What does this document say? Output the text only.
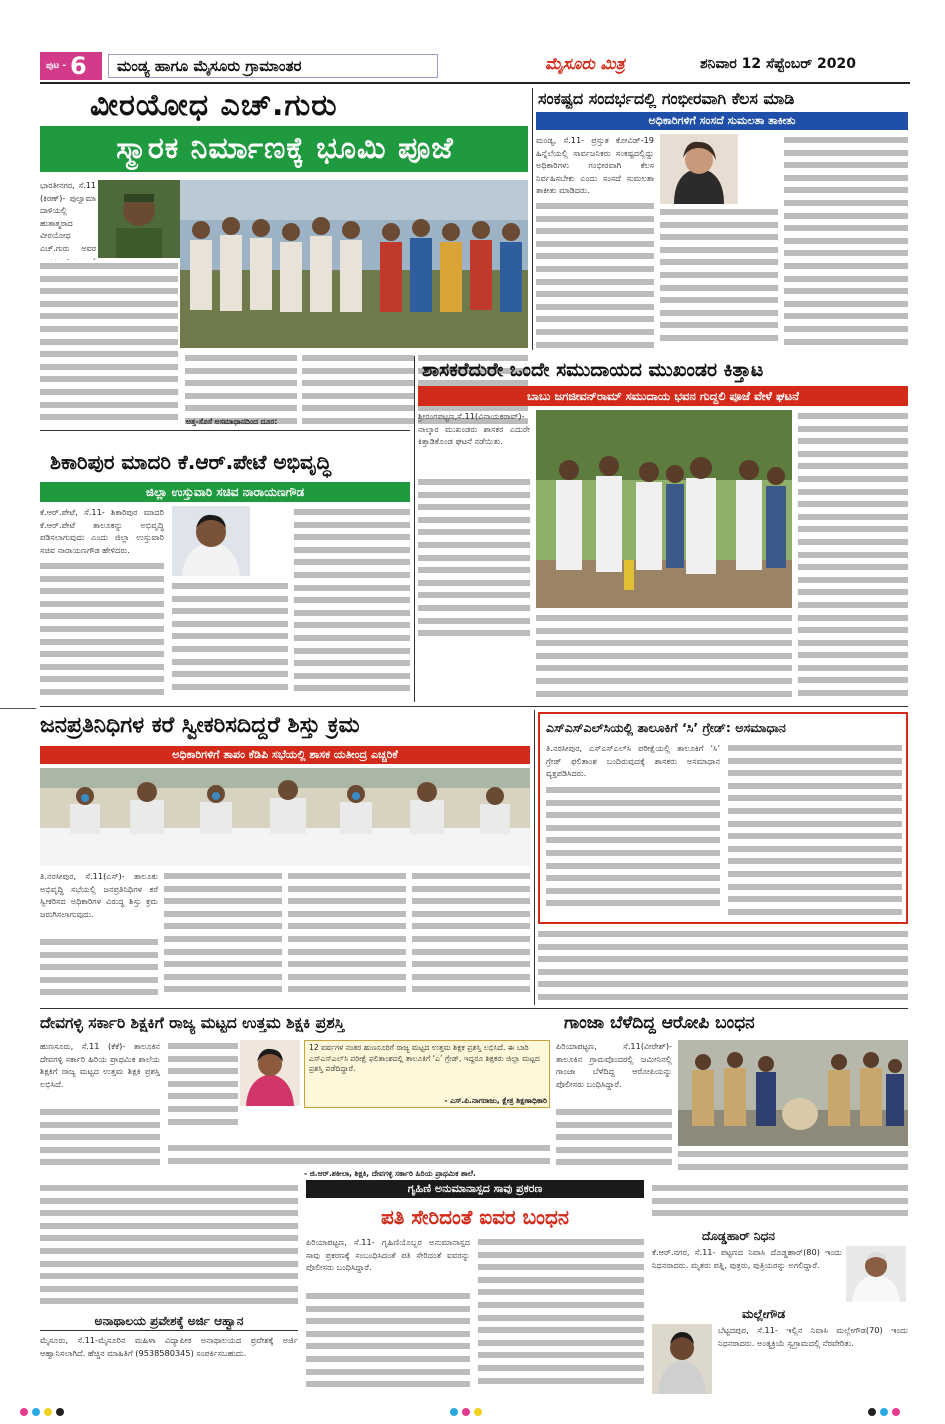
ಪುಟ - 6	ಮಂಡ್ಯ ಹಾಗೂ ಮೈಸೂರು ಗ್ರಾಮಾಂತರ	ಮೈಸೂರು ಮಿತ್ರ	ಶನಿವಾರ 12 ಸೆಪ್ಟೆಂಬರ್ 2020
ವೀರಯೋಧ ಎಚ್.ಗುರು
ಸ್ಮಾರಕ ನಿರ್ಮಾಣಕ್ಕೆ ಭೂಮಿ ಪೂಜೆ
ಭಾರತೀನಗರ, ಸೆ.11 (ಕಿರಣ್)- ಪುಲ್ವಾಮಾ ದಾಳಿಯಲ್ಲಿ ಹುತಾತ್ಮರಾದ ವೀರಯೋಧ ಎಚ್.ಗುರು ಅವರ
ಅತ್ತ-ಸೊಸೆ ಅಸಮಾಧಾನದಿಂದ ದೂರ:
ಸಂಕಷ್ಟದ ಸಂದರ್ಭದಲ್ಲಿ ಗಂಭೀರವಾಗಿ ಕೆಲಸ ಮಾಡಿ
ಅಧಿಕಾರಿಗಳಿಗೆ ಸಂಸದೆ ಸುಮಲತಾ ತಾಕೀತು
ಮಂಡ್ಯ, ಸೆ.11- ಪ್ರಸ್ತುತ ಕೋವಿಡ್-19 ಹಿನ್ನೆಲೆಯಲ್ಲಿ ಸಾರ್ವಜನಿಕರು ಸಂಕಷ್ಟದಲ್ಲಿದ್ದು ಅಧಿಕಾರಿಗಳು ಗಂಭೀರವಾಗಿ ಕೆಲಸ ನಿರ್ವಹಿಸಬೇಕು ಎಂದು ಸಂಸದೆ ಸುಮಲತಾ ತಾಕೀತು ಮಾಡಿದರು.
ಶಿಕಾರಿಪುರ ಮಾದರಿ ಕೆ.ಆರ್.ಪೇಟೆ ಅಭಿವೃದ್ಧಿ
ಜಿಲ್ಲಾ ಉಸ್ತುವಾರಿ ಸಚಿವ ನಾರಾಯಣಗೌಡ
ಕೆ.ಆರ್.ಪೇಟೆ, ಸೆ.11- ಶಿಕಾರಿಪುರ ಮಾದರಿ ಕೆ.ಆರ್.ಪೇಟೆ ತಾಲೂಕನ್ನು ಅಭಿವೃದ್ಧಿ ಪಡಿಸಲಾಗುವುದು ಎಂದು ಜಿಲ್ಲಾ ಉಸ್ತುವಾರಿ ಸಚಿವ ನಾರಾಯಣಗೌಡ ಹೇಳಿದರು.
ಶಾಸಕರೆದುರೇ ಒಂದೇ ಸಮುದಾಯದ ಮುಖಂಡರ ಕಿತ್ತಾಟ
ಬಾಬು ಜಗಜೀವನ್‌ರಾಮ್ ಸಮುದಾಯ ಭವನ ಗುದ್ದಲಿ ಪೂಜೆ ವೇಳೆ ಘಟನೆ
ಶ್ರೀರಂಗಪಟ್ಟಣ,ಸೆ.11(ವಿನಾಯಕರಾವ್)- ನಾಲ್ಕಾರ ಮುಖಂಡರು ಶಾಸಕರ ಎದುರೇ ಕಿತ್ತಾಡಿಕೊಂಡ ಘಟನೆ ನಡೆಯಿತು.
ಜನಪ್ರತಿನಿಧಿಗಳ ಕರೆ ಸ್ವೀಕರಿಸದಿದ್ದರೆ ಶಿಸ್ತು ಕ್ರಮ
ಅಧಿಕಾರಿಗಳಿಗೆ ತಾಪಂ ಕೆಡಿಪಿ ಸಭೆಯಲ್ಲಿ ಶಾಸಕ ಯತೀಂದ್ರ ಎಚ್ಚರಿಕೆ
ತಿ.ನರಸೀಪುರ, ಸೆ.11(ಎಸ್)- ತಾಲೂಕು ಅಭಿವೃದ್ಧಿ ಸಭೆಯಲ್ಲಿ ಜನಪ್ರತಿನಿಧಿಗಳ ಕರೆ ಸ್ವೀಕರಿಸದ ಅಧಿಕಾರಿಗಳ ವಿರುದ್ಧ ಶಿಸ್ತು ಕ್ರಮ ಜರುಗಿಸಲಾಗುವುದು.
ಎಸ್‌ಎಸ್‌ಎಲ್‌ಸಿಯಲ್ಲಿ ತಾಲೂಕಿಗೆ ‘ಸಿ’ ಗ್ರೇಡ್: ಅಸಮಾಧಾನ
ತಿ.ನರಸೀಪುರ, ಎಸ್‌ಎಸ್‌ಎಲ್‌ಸಿ ಪರೀಕ್ಷೆಯಲ್ಲಿ ತಾಲೂಕಿಗೆ ‘ಸಿ’ ಗ್ರೇಡ್ ಫಲಿತಾಂಶ ಬಂದಿರುವುದಕ್ಕೆ ಶಾಸಕರು ಅಸಮಾಧಾನ ವ್ಯಕ್ತಪಡಿಸಿದರು.
ದೇವಗಳ್ಳಿ ಸರ್ಕಾರಿ ಶಿಕ್ಷಕಿಗೆ ರಾಜ್ಯ ಮಟ್ಟದ ಉತ್ತಮ ಶಿಕ್ಷಕಿ ಪ್ರಶಸ್ತಿ
ಹುಣಸೂರು, ಸೆ.11 (ಕೆಕೆ)- ತಾಲೂಕಿನ ದೇವಗಳ್ಳಿ ಸರ್ಕಾರಿ ಹಿರಿಯ ಪ್ರಾಥಮಿಕ ಶಾಲೆಯ ಶಿಕ್ಷಕಿಗೆ ರಾಜ್ಯ ಮಟ್ಟದ ಉತ್ತಮ ಶಿಕ್ಷಕಿ ಪ್ರಶಸ್ತಿ ಲಭಿಸಿದೆ.
12 ವರ್ಷಗಳ ನಂತರ ಹುಣಸೂರಿಗೆ ರಾಜ್ಯ ಮಟ್ಟದ ಉತ್ತಮ ಶಿಕ್ಷಕ ಪ್ರಶಸ್ತಿ ಲಭಿಸಿದೆ. ಈ ಬಾರಿ ಎಸ್‌ಎಸ್‌ಎಲ್‌ಸಿ ಪರೀಕ್ಷೆ ಫಲಿತಾಂಶದಲ್ಲಿ ತಾಲೂಕಿಗೆ ‘ಎ’ ಗ್ರೇಡ್, ಇದ್ದರೂ ಶಿಕ್ಷಕರು ಜಿಲ್ಲಾ ಮಟ್ಟದ ಪ್ರಶಸ್ತಿ ಪಡೆದಿದ್ದಾರೆ.
- ಎಸ್.ಪಿ.ನಾಗರಾಜು, ಕ್ಷೇತ್ರ ಶಿಕ್ಷಣಾಧಿಕಾರಿ
- ಜಿ.ಆರ್.ಶಕೀಲಾ, ಶಿಕ್ಷಕಿ, ದೇವಗಳ್ಳಿ ಸರ್ಕಾರಿ ಹಿರಿಯ ಪ್ರಾಥಮಿಕ ಶಾಲೆ.
ಗಾಂಜಾ ಬೆಳೆದಿದ್ದ ಆರೋಪಿ ಬಂಧನ
ಪಿರಿಯಾಪಟ್ಟಣ, ಸೆ.11(ವೀರೇಶ್)- ತಾಲೂಕಿನ ಗ್ರಾಮವೊಂದರಲ್ಲಿ ಜಮೀನಿನಲ್ಲಿ ಗಾಂಜಾ ಬೆಳೆದಿದ್ದ ಆರೋಪಿಯನ್ನು ಪೊಲೀಸರು ಬಂಧಿಸಿದ್ದಾರೆ.
ಗೃಹಿಣಿ ಅನುಮಾನಾಸ್ಪದ ಸಾವು ಪ್ರಕರಣ
ಪತಿ ಸೇರಿದಂತೆ ಐವರ ಬಂಧನ
ಪಿರಿಯಾಪಟ್ಟಣ, ಸೆ.11- ಗೃಹಿಣಿಯೊಬ್ಬರ ಅನುಮಾನಾಸ್ಪದ ಸಾವು ಪ್ರಕರಣಕ್ಕೆ ಸಂಬಂಧಿಸಿದಂತೆ ಪತಿ ಸೇರಿದಂತೆ ಐವರನ್ನು ಪೊಲೀಸರು ಬಂಧಿಸಿದ್ದಾರೆ.
ಅನಾಥಾಲಯ ಪ್ರವೇಶಕ್ಕೆ ಅರ್ಜಿ ಆಹ್ವಾನ
ಮೈಸೂರು, ಸೆ.11-ಮೈಸೂರಿನ ಮಹಿಳಾ ವಿದ್ಯಾಪೀಠ ಅನಾಥಾಲಯದ ಪ್ರವೇಶಕ್ಕೆ ಅರ್ಜಿ ಆಹ್ವಾನಿಸಲಾಗಿದೆ. ಹೆಚ್ಚಿನ ಮಾಹಿತಿಗೆ (9538580345) ಸಂಪರ್ಕಿಸಬಹುದು.
ದೊಡ್ಡಹಾರ್ ನಿಧನ
ಕೆ.ಆರ್.ನಗರ, ಸೆ.11- ಪಟ್ಟಣದ ನಿವಾಸಿ ದೊಡ್ಡಹಾರ್(80) ಇಂದು ನಿಧನರಾದರು. ಮೃತರು ಪತ್ನಿ, ಪುತ್ರರು, ಪುತ್ರಿಯರನ್ನು ಅಗಲಿದ್ದಾರೆ.
ಮಲ್ಲೇಗೌಡ
ಬೆಟ್ಟದಪುರ, ಸೆ.11- ಇಲ್ಲಿನ ನಿವಾಸಿ ಮಲ್ಲೇಗೌಡ(70) ಇಂದು ನಿಧನರಾದರು. ಅಂತ್ಯಕ್ರಿಯೆ ಸ್ವಗ್ರಾಮದಲ್ಲಿ ನೆರವೇರಿತು.
